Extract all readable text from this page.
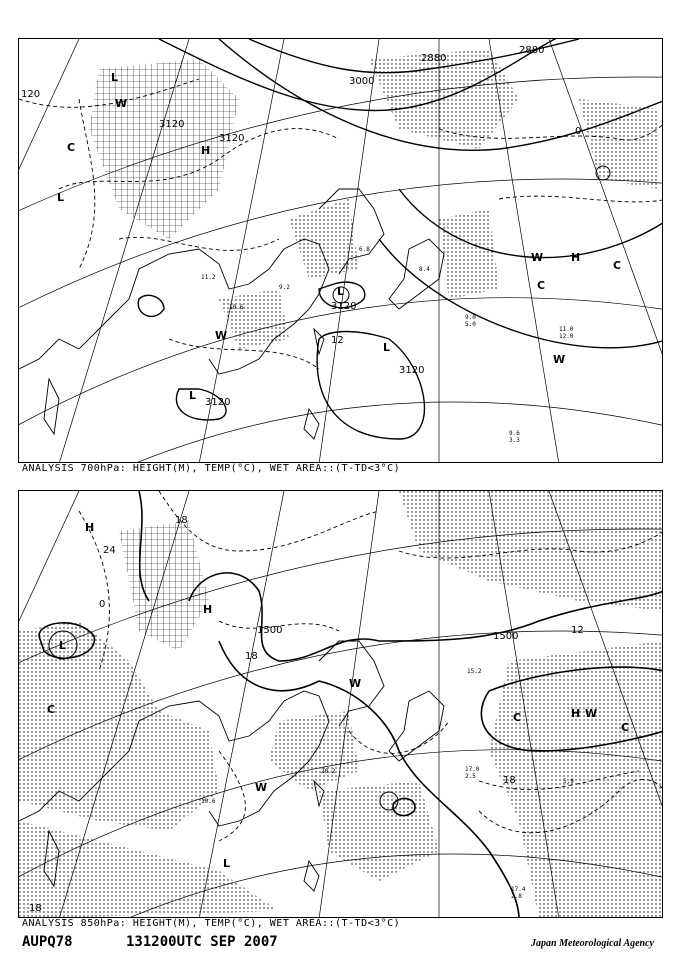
120
3120
3120
3000
2880
2880
3120
3120
3120
0
12
L
L
L
L
L
H
H
W
W
W
W
C
C
C
11.0
12.0
9.0
5.0
9.6
3.3
6.8
11.2
10.6
9.2
8.4
ANALYSIS 700hPa: HEIGHT(M), TEMP(°C), WET AREA::(T-TD<3°C)
1500
1500
12
18
18
24
0
18
18
L
L
H
H
H
W
W
W
C
C
C
17.0
2.5
17.4
2.8
20.2
15.2
10.6
5.9
ANALYSIS 850hPa: HEIGHT(M), TEMP(°C), WET AREA::(T-TD<3°C)
AUPQ78	131200UTC SEP 2007	Japan Meteorological Agency
